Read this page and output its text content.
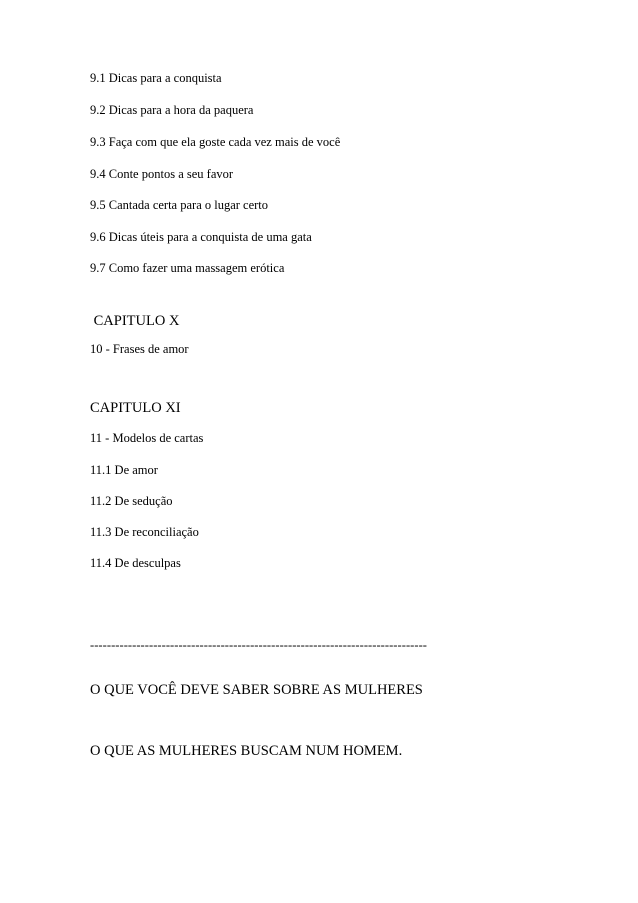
9.1 Dicas para a conquista

9.2 Dicas para a hora da paquera

9.3 Faça com que ela goste cada vez mais de você

9.4 Conte pontos a seu favor

9.5 Cantada certa para o lugar certo

9.6 Dicas úteis para a conquista de uma gata

9.7 Como fazer uma massagem erótica

CAPITULO X

10 - Frases de amor

CAPITULO XI

11 - Modelos de cartas

11.1 De amor

11.2 De sedução

11.3 De reconciliação

11.4 De desculpas

--------------------------------------------------------------------------------

O QUE VOCÊ DEVE SABER SOBRE AS MULHERES

O QUE AS MULHERES BUSCAM NUM HOMEM.
